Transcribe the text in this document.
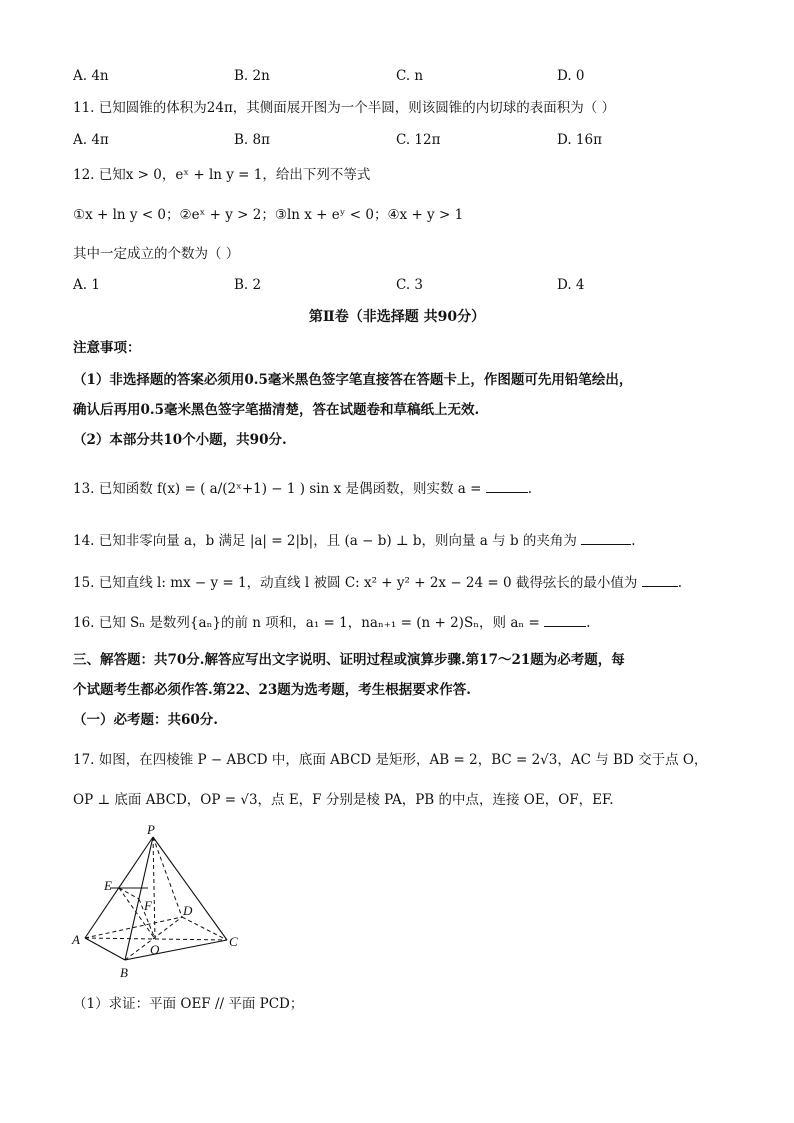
A. 4n	B. 2n	C. n	D. 0
11. 已知圆锥的体积为24π，其侧面展开图为一个半圆，则该圆锥的内切球的表面积为（ ）
A. 4π	B. 8π	C. 12π	D. 16π
12. 已知x > 0，eˣ + ln y = 1，给出下列不等式
①x + ln y < 0；②eˣ + y > 2；③ln x + eʸ < 0；④x + y > 1
其中一定成立的个数为（ ）
A. 1	B. 2	C. 3	D. 4
第Ⅱ卷（非选择题 共90分）
注意事项：
（1）非选择题的答案必须用0.5毫米黑色签字笔直接答在答题卡上，作图题可先用铅笔绘出，
确认后再用0.5毫米黑色签字笔描清楚，答在试题卷和草稿纸上无效.
（2）本部分共10个小题，共90分.
13. 已知函数 f(x) = ( a/(2ˣ+1) − 1 ) sin x 是偶函数，则实数 a =	.
14. 已知非零向量 a，b 满足 |a| = 2|b|，且 (a − b) ⊥ b，则向量 a 与 b 的夹角为	.
15. 已知直线 l: mx − y = 1，动直线 l 被圆 C: x² + y² + 2x − 24 = 0 截得弦长的最小值为	.
16. 已知 Sₙ 是数列{aₙ}的前 n 项和，a₁ = 1，naₙ₊₁ = (n + 2)Sₙ，则 aₙ =	.
三、解答题：共70分.解答应写出文字说明、证明过程或演算步骤.第17～21题为必考题，每
个试题考生都必须作答.第22、23题为选考题，考生根据要求作答.
（一）必考题：共60分.
17. 如图，在四棱锥 P − ABCD 中，底面 ABCD 是矩形，AB = 2，BC = 2√3，AC 与 BD 交于点 O，
OP ⊥ 底面 ABCD，OP = √3，点 E，F 分别是棱 PA，PB 的中点，连接 OE，OF，EF.
P
E
F D
A
O
C
B
（1）求证：平面 OEF // 平面 PCD；
